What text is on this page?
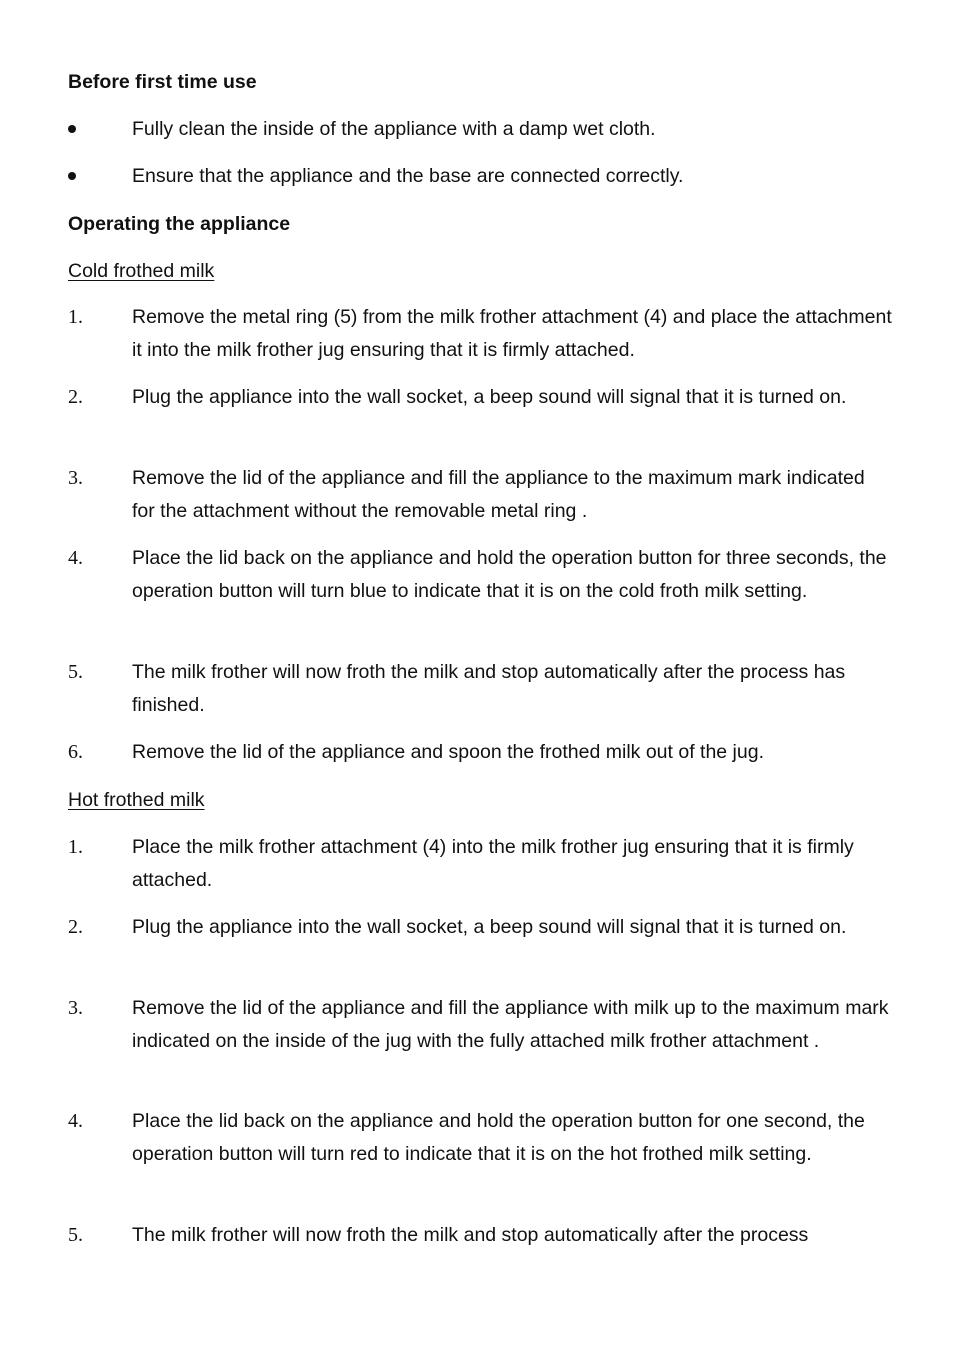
Before first time use
Fully clean the inside of the appliance with a damp wet cloth.
Ensure that the appliance and the base are connected correctly.
Operating the appliance
Cold frothed milk
1.	Remove the metal ring (5) from the milk frother attachment (4) and place the attachment it into the milk frother jug ensuring that it is firmly attached.
2.	Plug the appliance into the wall socket, a beep sound will signal that it is turned on.
3.	Remove the lid of the appliance and fill the appliance to the maximum mark indicated for the attachment without the removable metal ring .
4.	Place the lid back on the appliance and hold the operation button for three seconds, the operation button will turn blue to indicate that it is on the cold froth milk setting.
5.	The milk frother will now froth the milk and stop automatically after the process has finished.
6.	Remove the lid of the appliance and spoon the frothed milk out of the jug.
Hot frothed milk
1.	Place the milk frother attachment (4) into the milk frother jug ensuring that it is firmly attached.
2.	Plug the appliance into the wall socket, a beep sound will signal that it is turned on.
3.	Remove the lid of the appliance and fill the appliance with milk up to the maximum mark indicated on the inside of the jug with the fully attached milk frother attachment .
4.	Place the lid back on the appliance and hold the operation button for one second, the operation button will turn red to indicate that it is on the hot frothed milk setting.
5.	The milk frother will now froth the milk and stop automatically after the process
